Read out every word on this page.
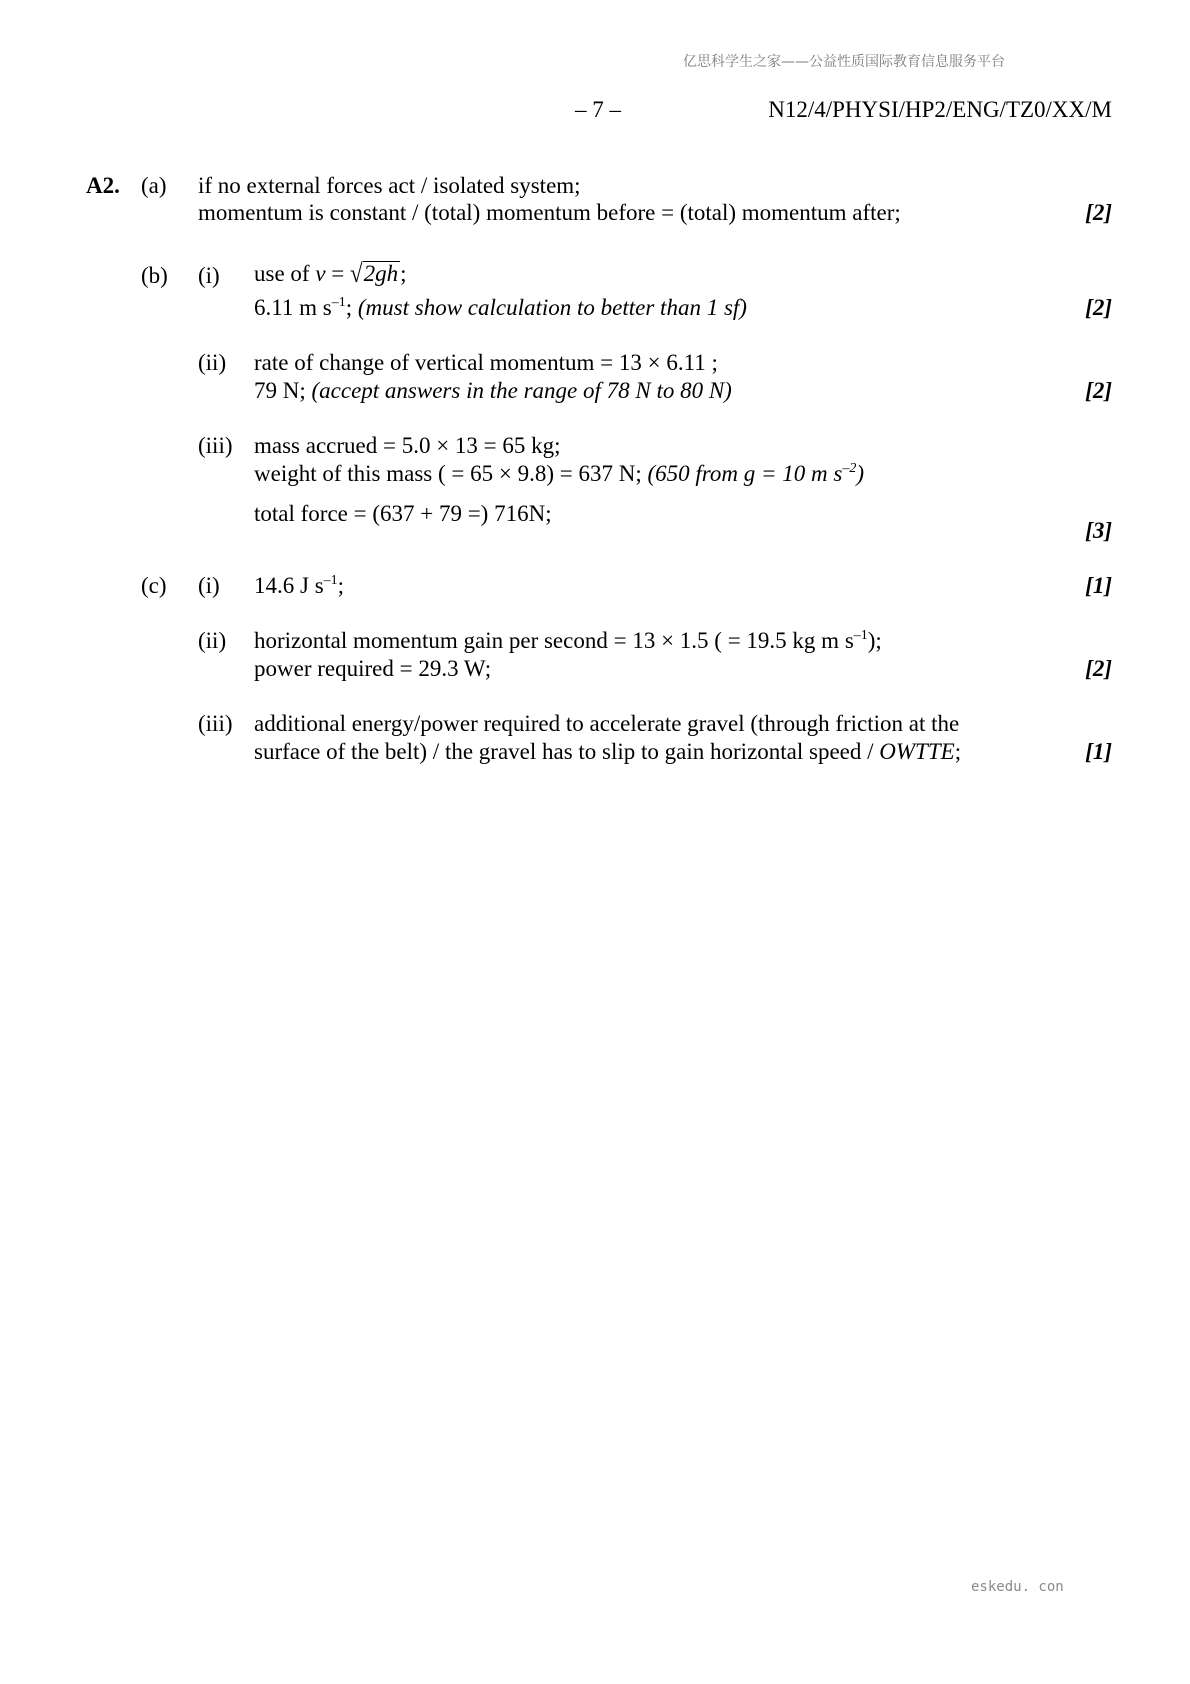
亿思科学生之家——公益性质国际教育信息服务平台
– 7 –	N12/4/PHYSI/HP2/ENG/TZ0/XX/M
A2. (a) if no external forces act / isolated system;
momentum is constant / (total) momentum before = (total) momentum after;	[2]
(b) (i) use of v = √2gh;
6.11 m $s^{-1}$; (must show calculation to better than 1 sf)	[2]
(ii) rate of change of vertical momentum = 13 × 6.11 ;
79 N; (accept answers in the range of 78 N to 80 N)	[2]
(iii) mass accrued = 5.0 × 13 = 65 kg;
weight of this mass ( = 65 × 9.8) = 637 N; (650 from g = 10 m $s^{-2}$)
total force = (637 + 79 =) 716N;
[3]
(c) (i) 14.6 J $s^{-1}$;	[1]
(ii) horizontal momentum gain per second = 13 × 1.5 ( = 19.5 kg m $s^{-1}$);
power required = 29.3 W;	[2]
(iii) additional energy/power required to accelerate gravel (through friction at the
surface of the belt) / the gravel has to slip to gain horizontal speed / OWTTE;	[1]
eskedu. con
